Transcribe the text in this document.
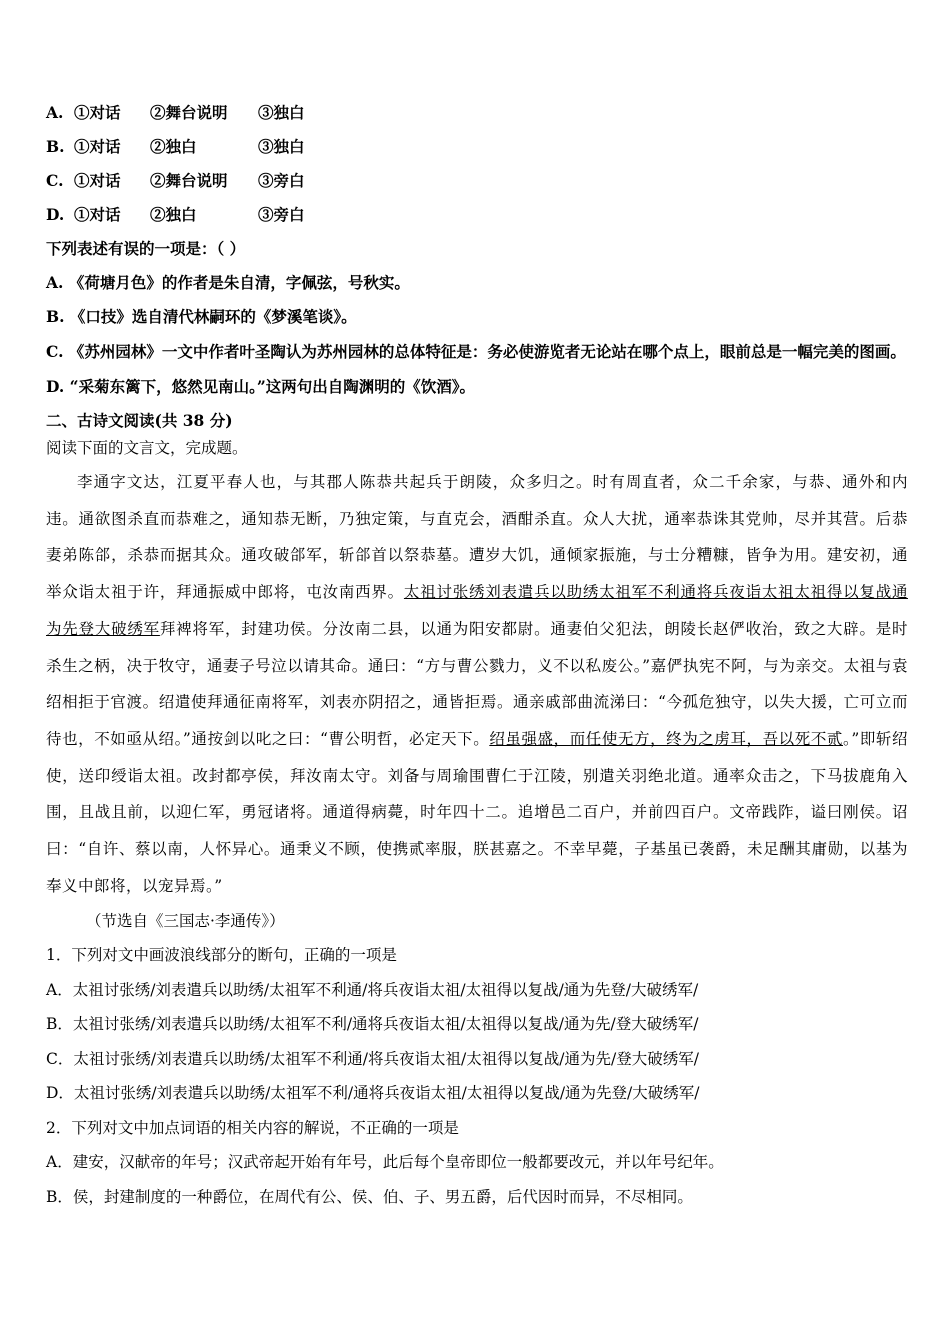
A. ①对话 ②舞台说明 ③独白
B. ①对话 ②独白	③独白
C. ①对话 ②舞台说明 ③旁白
D. ①对话 ②独白	③旁白
下列表述有误的一项是：（ ）
A. 《荷塘月色》的作者是朱自清，字佩弦，号秋实。
B. 《口技》选自清代林嗣环的《梦溪笔谈》。
C. 《苏州园林》一文中作者叶圣陶认为苏州园林的总体特征是：务必使游览者无论站在哪个点上，眼前总是一幅完美的图画。
D. “采菊东篱下，悠然见南山。”这两句出自陶渊明的《饮酒》。
二、古诗文阅读(共 38 分)
阅读下面的文言文，完成题。
李通字文达，江夏平春人也，与其郡人陈恭共起兵于朗陵，众多归之。时有周直者，众二千余家，与恭、通外和内违。通欲图杀直而恭难之，通知恭无断，乃独定策，与直克会，酒酣杀直。众人大扰，通率恭诛其党帅，尽并其营。后恭妻弟陈郃，杀恭而据其众。通攻破郃军，斩郃首以祭恭墓。遭岁大饥，通倾家振施，与士分糟糠，皆争为用。建安初，通举众诣太祖于许，拜通振威中郎将，屯汝南西界。太祖讨张绣刘表遣兵以助绣太祖军不利通将兵夜诣太祖太祖得以复战通为先登大破绣军拜裨将军，封建功侯。分汝南二县，以通为阳安都尉。通妻伯父犯法，朗陵长赵俨收治，致之大辟。是时杀生之柄，决于牧守，通妻子号泣以请其命。通曰：“方与曹公戮力，义不以私废公。”嘉俨执宪不阿，与为亲交。太祖与袁绍相拒于官渡。绍遣使拜通征南将军，刘表亦阴招之，通皆拒焉。通亲戚部曲流涕曰：“今孤危独守，以失大援，亡可立而待也，不如亟从绍。”通按剑以叱之曰：“曹公明哲，必定天下。绍虽强盛，而任使无方，终为之虏耳，吾以死不贰。”即斩绍使，送印绶诣太祖。改封都亭侯，拜汝南太守。刘备与周瑜围曹仁于江陵，别遣关羽绝北道。通率众击之，下马拔鹿角入围，且战且前，以迎仁军，勇冠诸将。通道得病薨，时年四十二。追增邑二百户，并前四百户。文帝践阼，谥曰刚侯。诏曰：“自许、蔡以南，人怀异心。通秉义不顾，使携贰率服，朕甚嘉之。不幸早薨，子基虽已袭爵，未足酬其庸勋，以基为奉义中郎将，以宠异焉。”
（节选自《三国志·李通传》）
1．下列对文中画波浪线部分的断句，正确的一项是
A．太祖讨张绣/刘表遣兵以助绣/太祖军不利通/将兵夜诣太祖/太祖得以复战/通为先登/大破绣军/
B．太祖讨张绣/刘表遣兵以助绣/太祖军不利/通将兵夜诣太祖/太祖得以复战/通为先/登大破绣军/
C．太祖讨张绣/刘表遣兵以助绣/太祖军不利通/将兵夜诣太祖/太祖得以复战/通为先/登大破绣军/
D．太祖讨张绣/刘表遣兵以助绣/太祖军不利/通将兵夜诣太祖/太祖得以复战/通为先登/大破绣军/
2．下列对文中加点词语的相关内容的解说，不正确的一项是
A．建安，汉献帝的年号；汉武帝起开始有年号，此后每个皇帝即位一般都要改元，并以年号纪年。
B．侯，封建制度的一种爵位，在周代有公、侯、伯、子、男五爵，后代因时而异，不尽相同。
